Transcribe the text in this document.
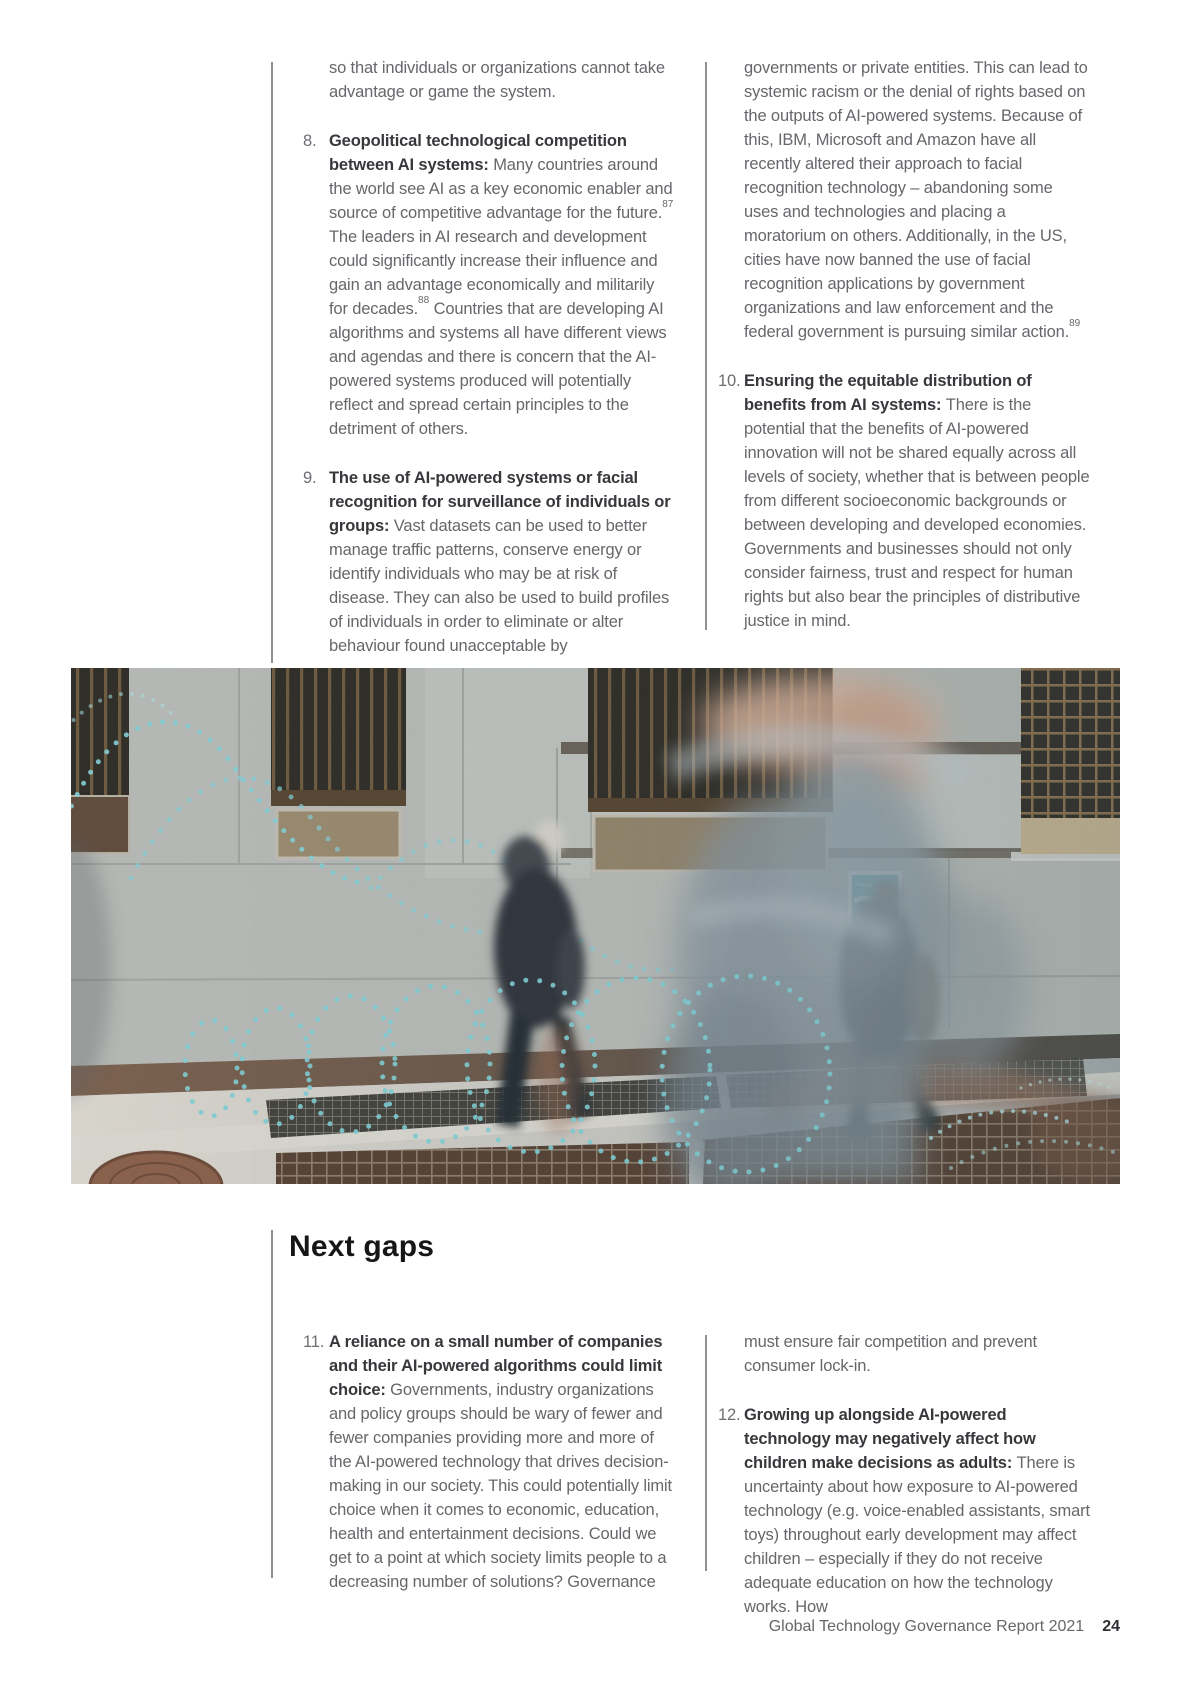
so that individuals or organizations cannot take advantage or game the system.

8. Geopolitical technological competition between AI systems: Many countries around the world see AI as a key economic enabler and source of competitive advantage for the future.$^{87}$ The leaders in AI research and development could significantly increase their influence and gain an advantage economically and militarily for decades.$^{88}$ Countries that are developing AI algorithms and systems all have different views and agendas and there is concern that the AI-powered systems produced will potentially reflect and spread certain principles to the detriment of others.

9. The use of AI-powered systems or facial recognition for surveillance of individuals or groups: Vast datasets can be used to better manage traffic patterns, conserve energy or identify individuals who may be at risk of disease. They can also be used to build profiles of individuals in order to eliminate or alter behaviour found unacceptable by

governments or private entities. This can lead to systemic racism or the denial of rights based on the outputs of AI-powered systems. Because of this, IBM, Microsoft and Amazon have all recently altered their approach to facial recognition technology – abandoning some uses and technologies and placing a moratorium on others. Additionally, in the US, cities have now banned the use of facial recognition applications by government organizations and law enforcement and the federal government is pursuing similar action.$^{89}$

10. Ensuring the equitable distribution of benefits from AI systems: There is the potential that the benefits of AI-powered innovation will not be shared equally across all levels of society, whether that is between people from different socioeconomic backgrounds or between developing and developed economies. Governments and businesses should not only consider fairness, trust and respect for human rights but also bear the principles of distributive justice in mind.

Next gaps
11. A reliance on a small number of companies and their AI-powered algorithms could limit choice: Governments, industry organizations and policy groups should be wary of fewer and fewer companies providing more and more of the AI-powered technology that drives decision-making in our society. This could potentially limit choice when it comes to economic, education, health and entertainment decisions. Could we get to a point at which society limits people to a decreasing number of solutions? Governance

must ensure fair competition and prevent consumer lock-in.

12. Growing up alongside AI-powered technology may negatively affect how children make decisions as adults: There is uncertainty about how exposure to AI-powered technology (e.g. voice-enabled assistants, smart toys) throughout early development may affect children – especially if they do not receive adequate education on how the technology works. How

Global Technology Governance Report 2021 24
